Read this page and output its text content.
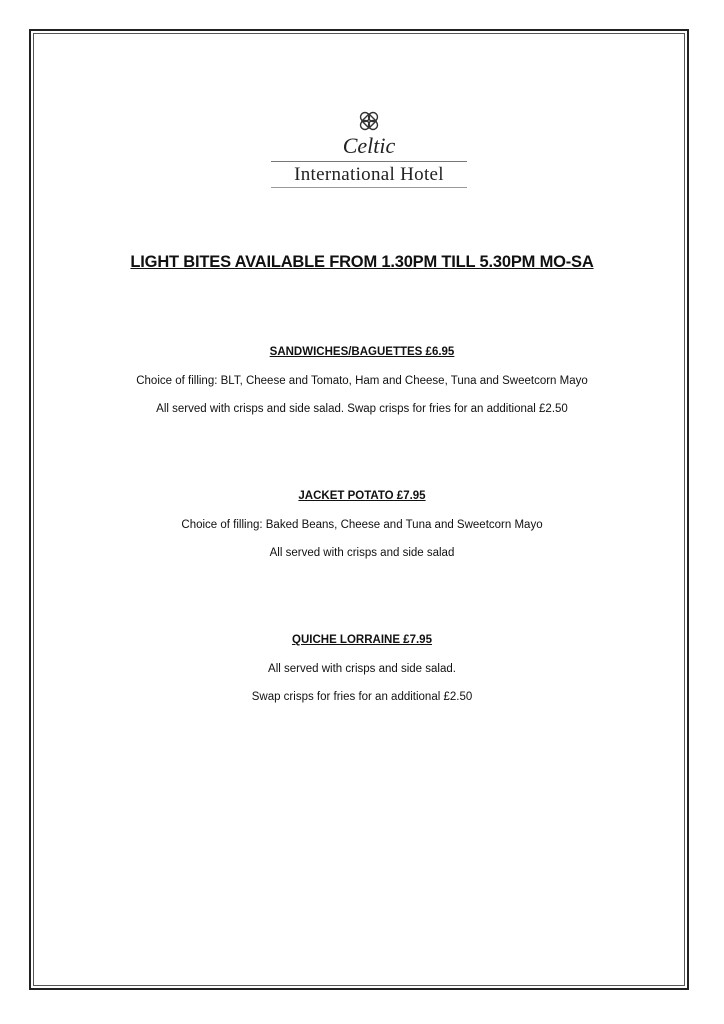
Celtic
International Hotel
LIGHT BITES AVAILABLE FROM 1.30PM TILL 5.30PM MO-SA
SANDWICHES/BAGUETTES £6.95
Choice of filling: BLT, Cheese and Tomato, Ham and Cheese, Tuna and Sweetcorn Mayo
All served with crisps and side salad. Swap crisps for fries for an additional £2.50
JACKET POTATO £7.95
Choice of filling: Baked Beans, Cheese and Tuna and Sweetcorn Mayo
All served with crisps and side salad
QUICHE LORRAINE £7.95
All served with crisps and side salad.
Swap crisps for fries for an additional £2.50
